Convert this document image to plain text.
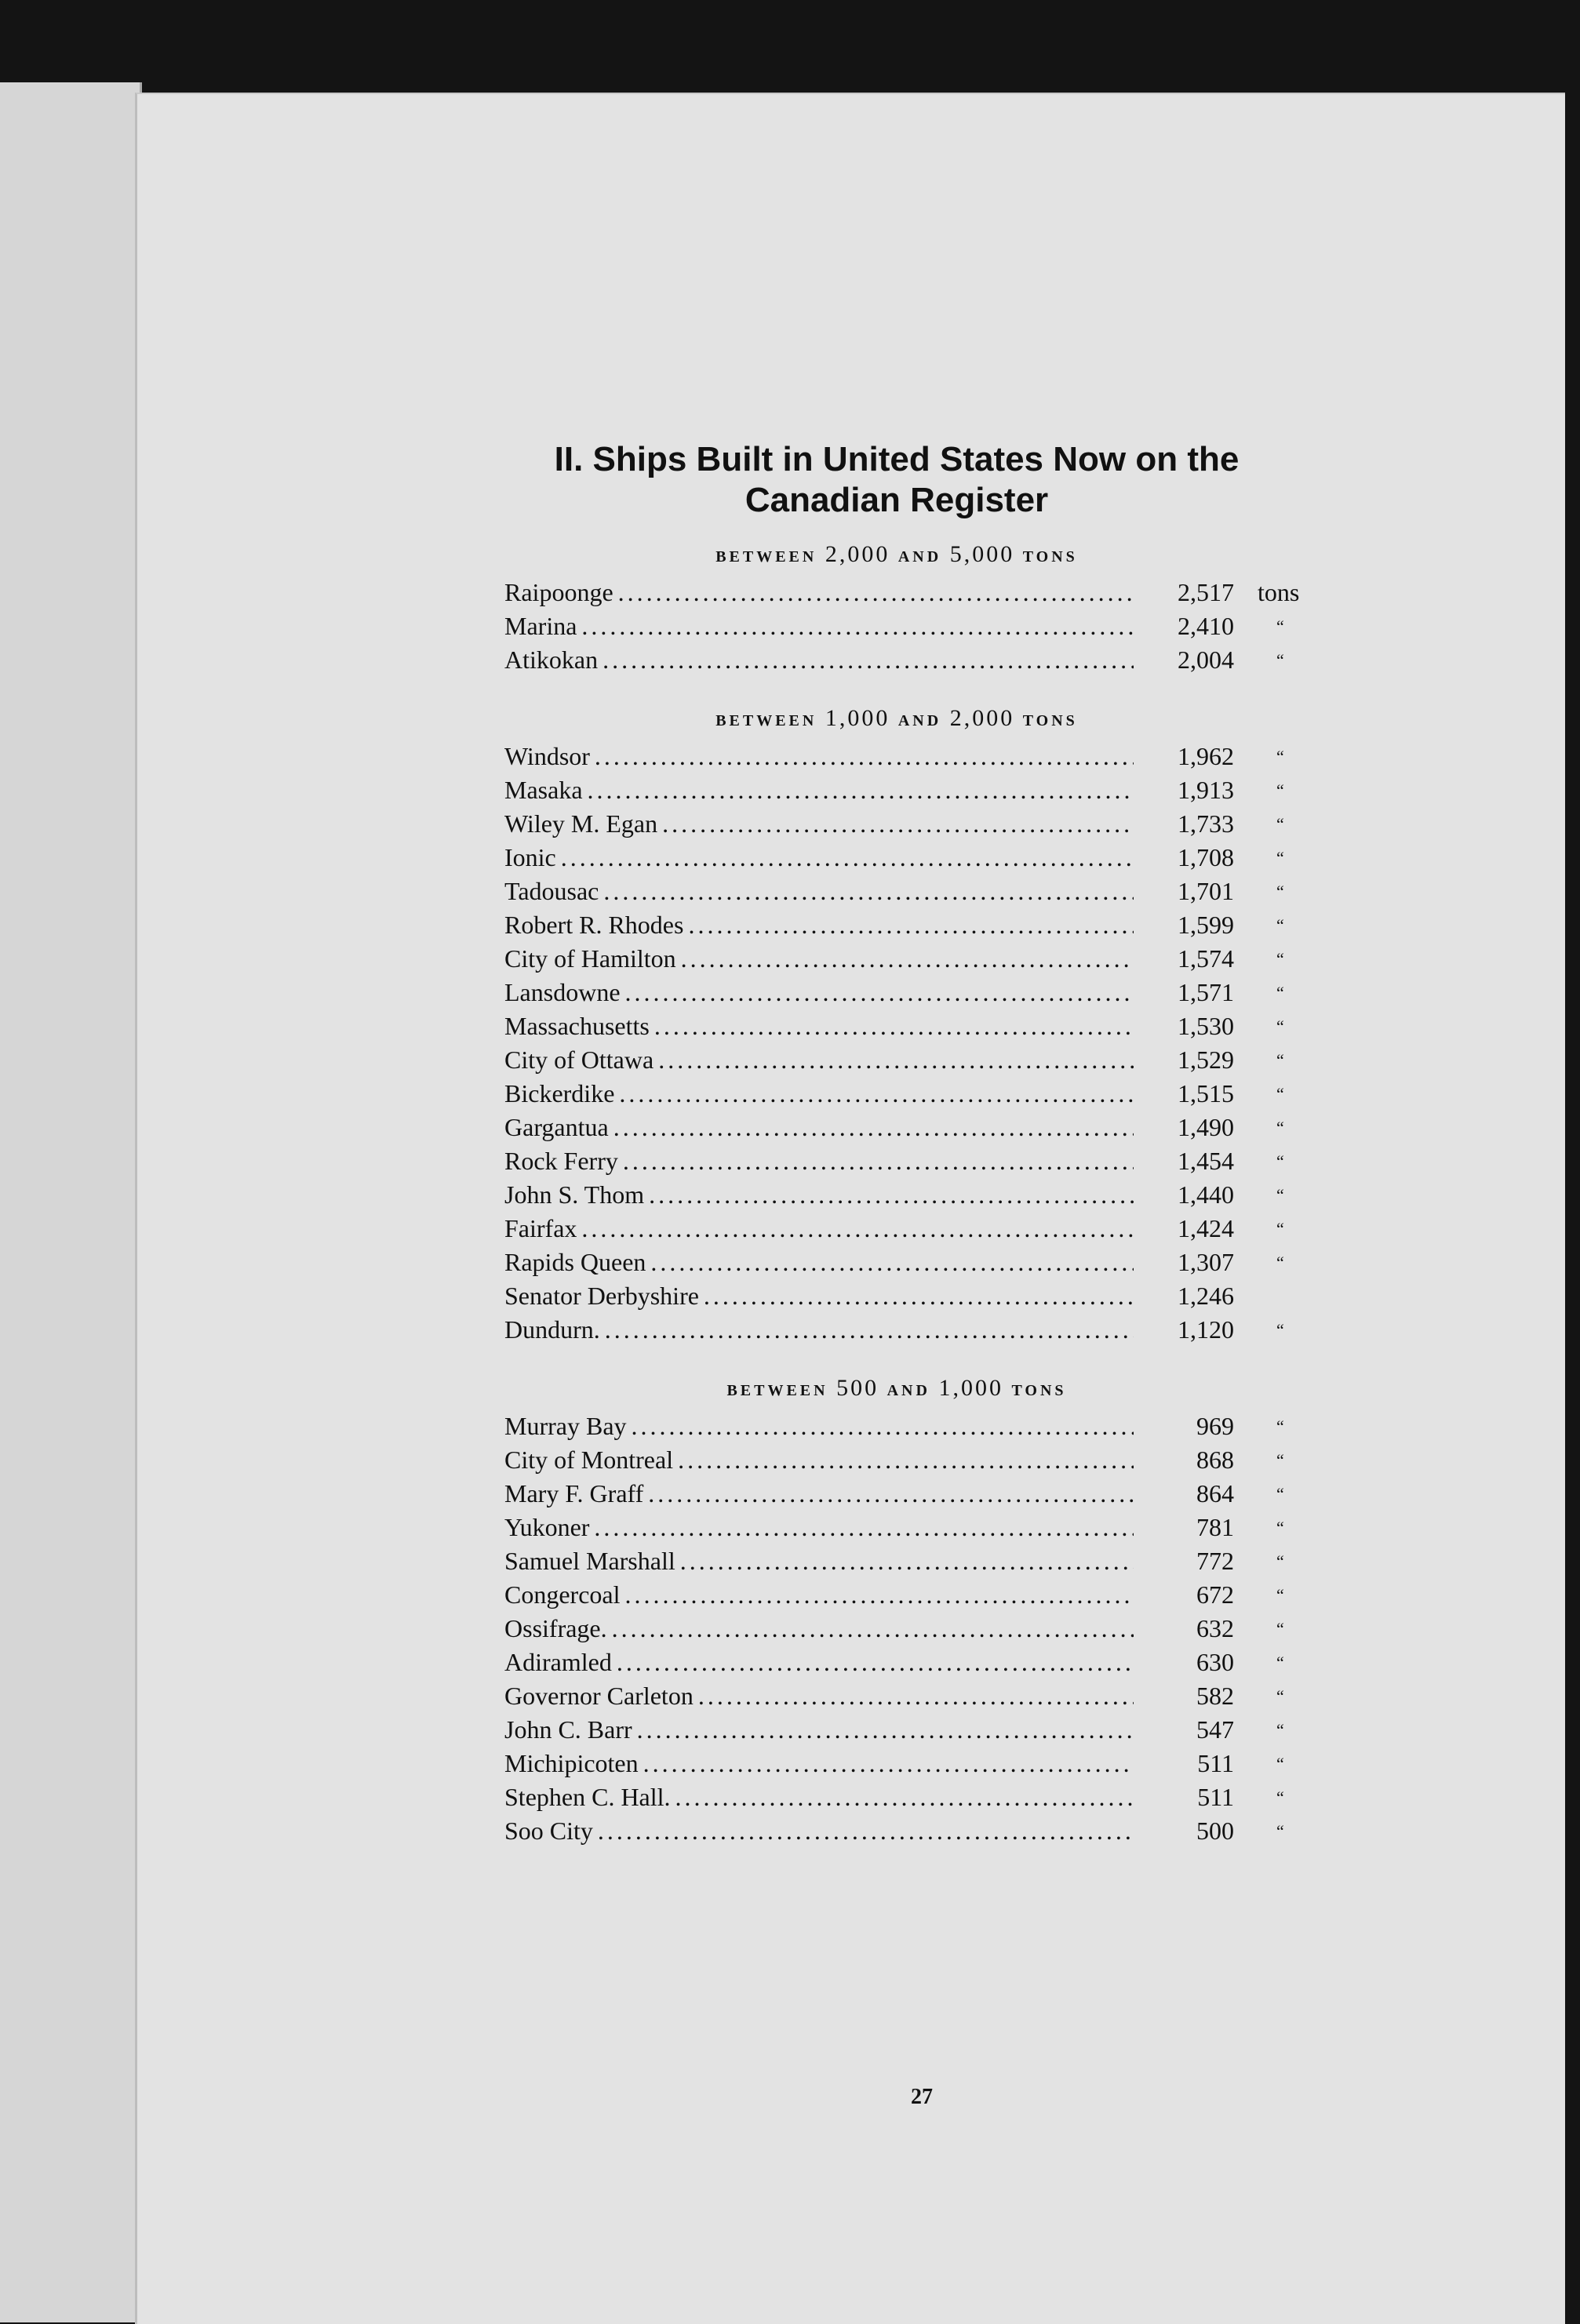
II. Ships Built in United States Now on the
Canadian Register
BETWEEN 2,000 AND 5,000 TONS
Raipoonge . . .	2,517 tons
Marina . . .	2,410 “
Atikokan . . .	2,004 “
BETWEEN 1,000 AND 2,000 TONS
Windsor . . .	1,962 “
Masaka . . .	1,913 “
Wiley M. Egan . . .	1,733 “
Ionic . . .	1,708 “
Tadousac . . .	1,701 “
Robert R. Rhodes . . .	1,599 “
City of Hamilton . . .	1,574 “
Lansdowne . . .	1,571 “
Massachusetts . . .	1,530 “
City of Ottawa . . .	1,529 “
Bickerdike . . .	1,515 “
Gargantua . . .	1,490 “
Rock Ferry . . .	1,454 “
John S. Thom . . .	1,440 “
Fairfax . . .	1,424 “
Rapids Queen . . .	1,307 “
Senator Derbyshire . . .	1,246
Dundurn. . . .	1,120 “
BETWEEN 500 AND 1,000 TONS
Murray Bay . . .	969 “
City of Montreal . . .	868 “
Mary F. Graff . . .	864 “
Yukoner . . .	781 “
Samuel Marshall . . .	772 “
Congercoal . . .	672 “
Ossifrage. . . .	632 “
Adiramled . . .	630 “
Governor Carleton . . .	582 “
John C. Barr . . .	547 “
Michipicoten . . .	511 “
Stephen C. Hall. . . .	511 “
Soo City . . .	500 “
27
